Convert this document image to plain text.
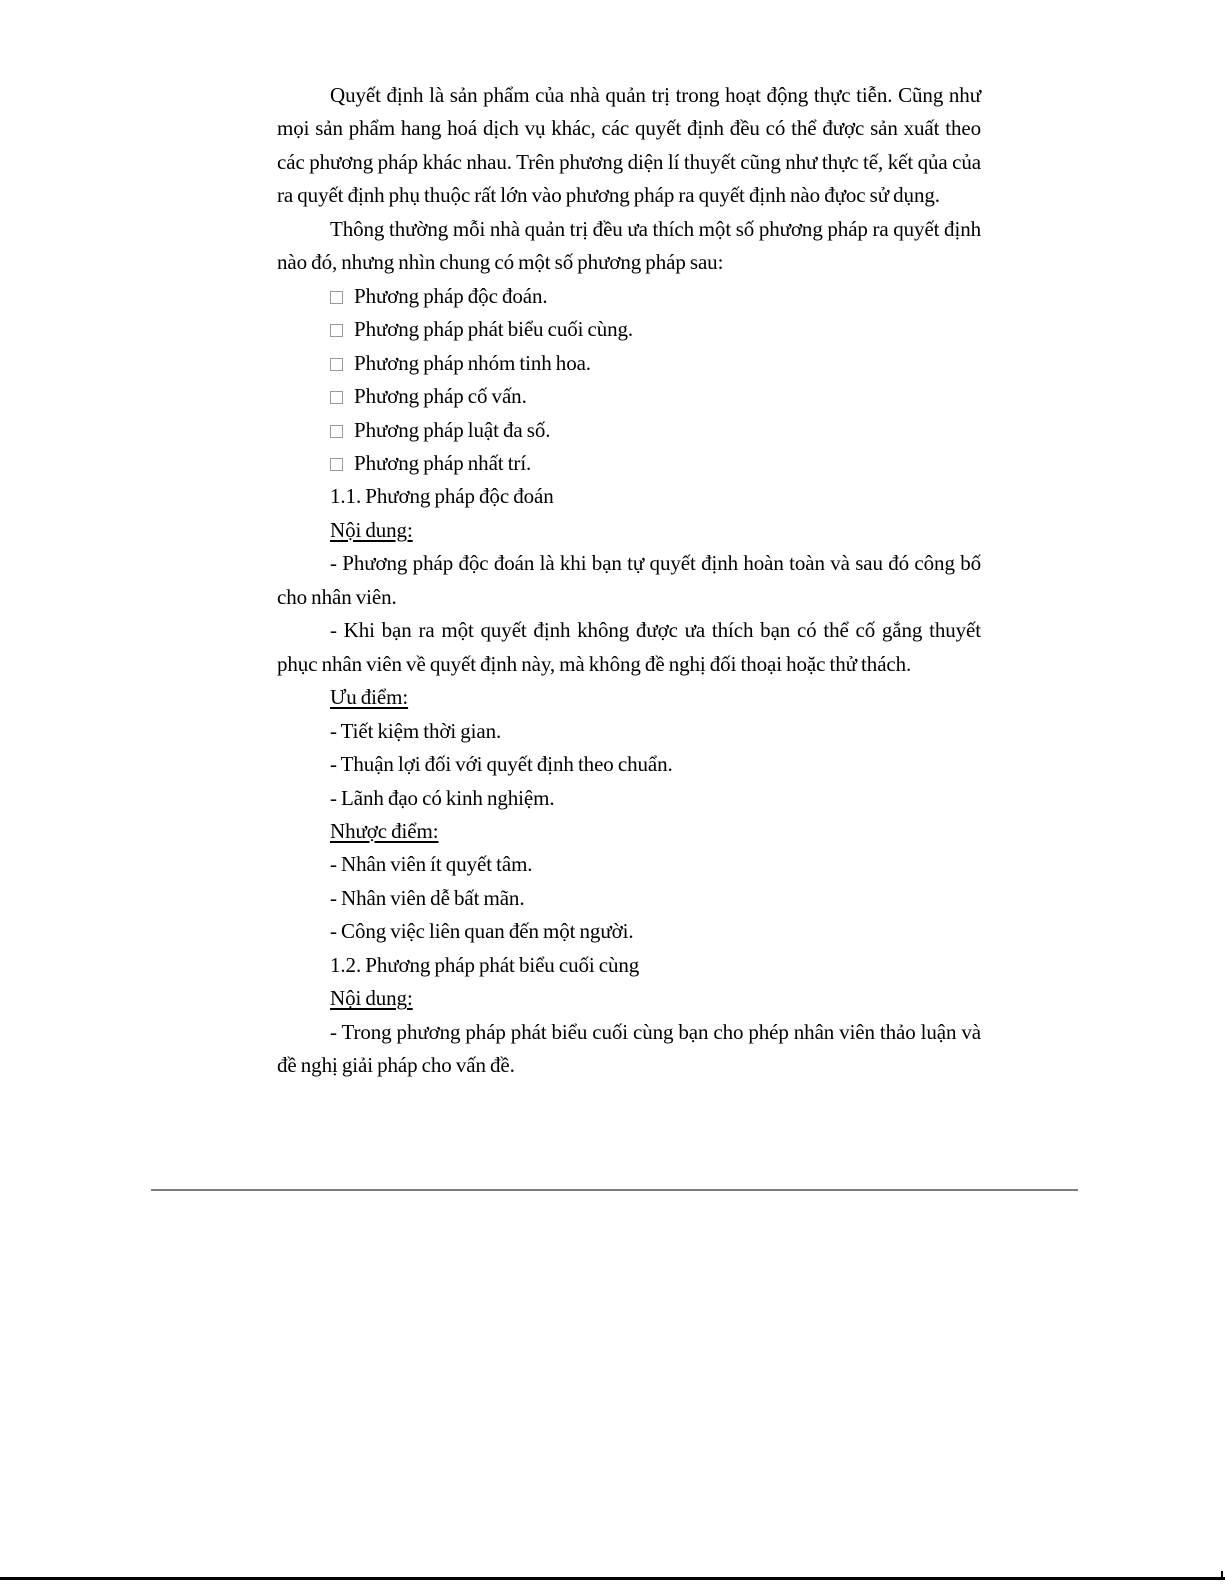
Quyết định là sản phẩm của nhà quản trị trong hoạt động thực tiễn. Cũng như mọi sản phẩm hang hoá dịch vụ khác, các quyết định đều có thể được sản xuất theo các phương pháp khác nhau. Trên phương diện lí thuyết cũng như thực tế, kết qủa của ra quyết định phụ thuộc rất lớn vào phương pháp ra quyết định nào đựoc sử dụng.

Thông thường mỗi nhà quản trị đều ưa thích một số phương pháp ra quyết định nào đó, nhưng nhìn chung có một số phương pháp sau:

Phương pháp độc đoán.
Phương pháp phát biểu cuối cùng.
Phương pháp nhóm tinh hoa.
Phương pháp cố vấn.
Phương pháp luật đa số.
Phương pháp nhất trí.

1.1. Phương pháp độc đoán

Nội dung:

- Phương pháp độc đoán là khi bạn tự quyết định hoàn toàn và sau đó công bố cho nhân viên.

- Khi bạn ra một quyết định không được ưa thích bạn có thể cố gắng thuyết phục nhân viên về quyết định này, mà không đề nghị đối thoại hoặc thử thách.

Ưu điểm:

- Tiết kiệm thời gian.

- Thuận lợi đối với quyết định theo chuẩn.

- Lãnh đạo có kinh nghiệm.

Nhược điểm:

- Nhân viên ít quyết tâm.

- Nhân viên dễ bất mãn.

- Công việc liên quan đến một người.

1.2. Phương pháp phát biểu cuối cùng

Nội dung:

- Trong phương pháp phát biểu cuối cùng bạn cho phép nhân viên thảo luận và đề nghị giải pháp cho vấn đề.
